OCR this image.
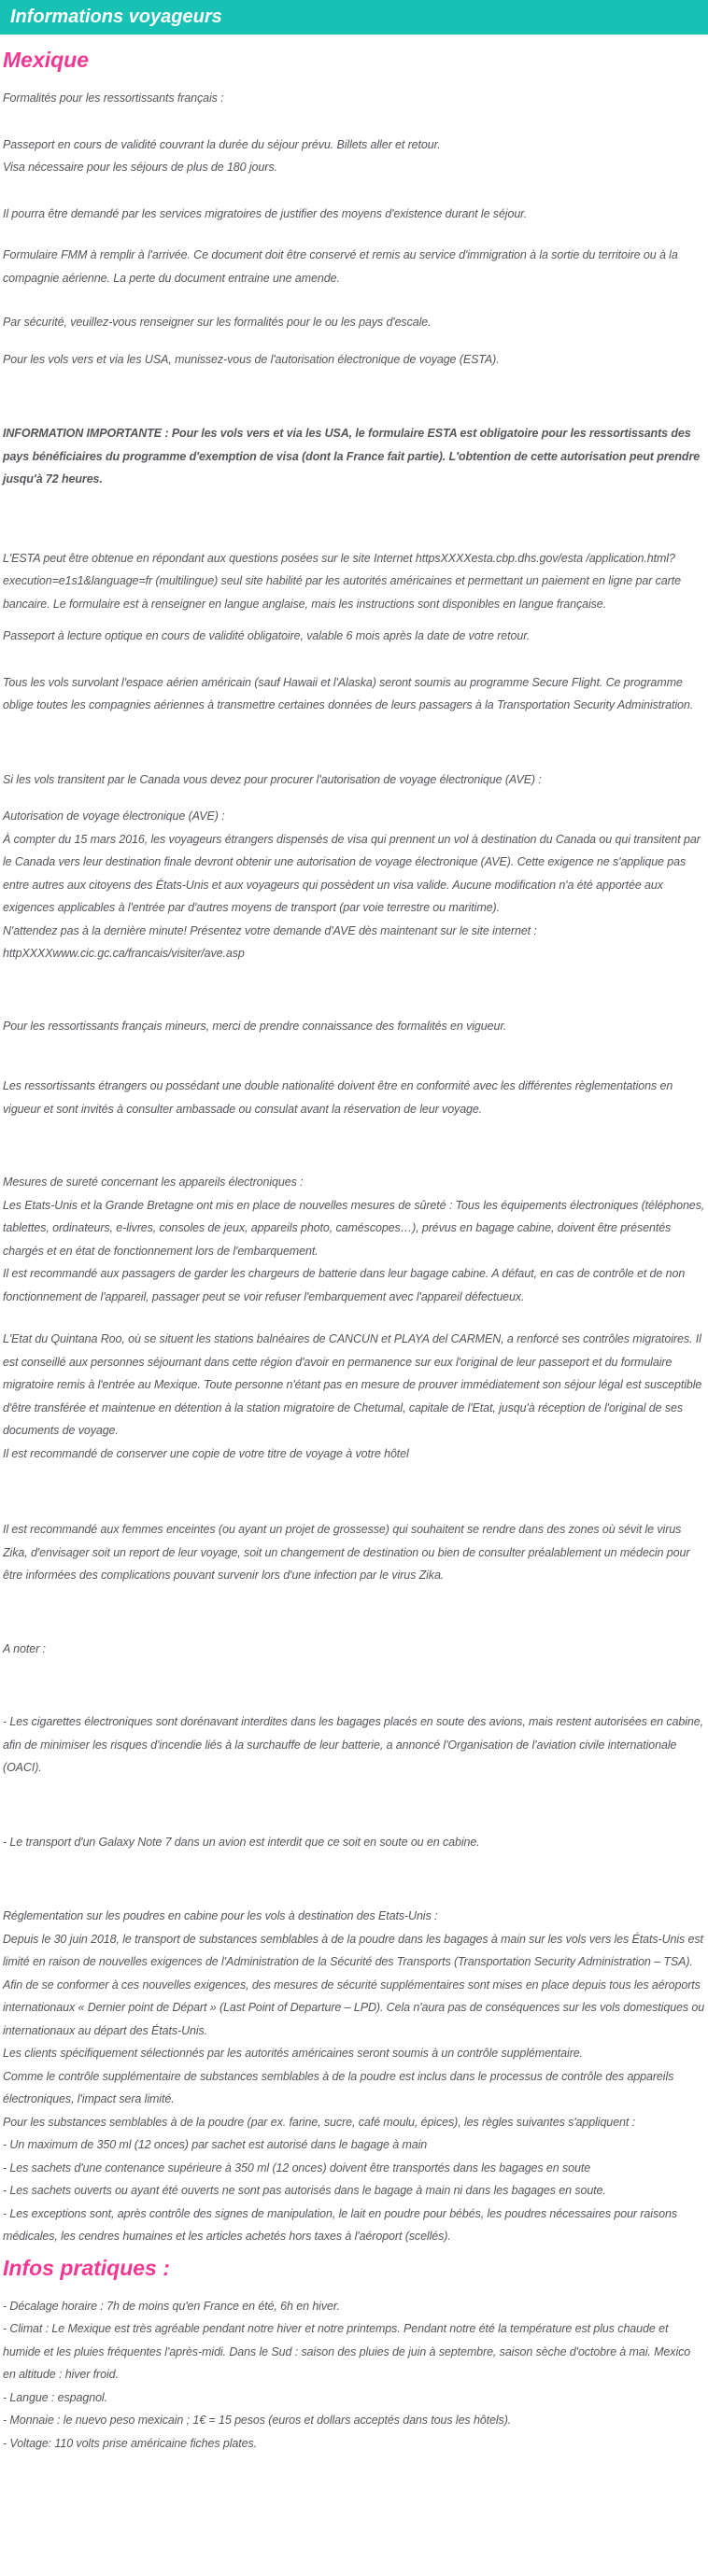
Informations voyageurs
Mexique

Formalités pour les ressortissants français :

Passeport en cours de validité couvrant la durée du séjour prévu. Billets aller et retour.

Visa nécessaire pour les séjours de plus de 180 jours.

Il pourra être demandé par les services migratoires de justifier des moyens d'existence durant le séjour.

Formulaire FMM à remplir à l'arrivée. Ce document doit être conservé et remis au service d'immigration à la sortie du territoire ou à la compagnie aérienne. La perte du document entraine une amende.

Par sécurité, veuillez-vous renseigner sur les formalités pour le ou les pays d'escale.

Pour les vols vers et via les USA, munissez-vous de l'autorisation électronique de voyage (ESTA).

INFORMATION IMPORTANTE : Pour les vols vers et via les USA, le formulaire ESTA est obligatoire pour les ressortissants des pays bénéficiaires du programme d'exemption de visa (dont la France fait partie). L'obtention de cette autorisation peut prendre jusqu'à 72 heures.

L'ESTA peut être obtenue en répondant aux questions posées sur le site Internet httpsXXXXesta.cbp.dhs.gov/esta /application.html?execution=e1s1&language=fr (multilingue) seul site habilité par les autorités américaines et permettant un paiement en ligne par carte bancaire. Le formulaire est à renseigner en langue anglaise, mais les instructions sont disponibles en langue française.

Passeport à lecture optique en cours de validité obligatoire, valable 6 mois après la date de votre retour.

Tous les vols survolant l'espace aérien américain (sauf Hawaii et l'Alaska) seront soumis au programme Secure Flight. Ce programme oblige toutes les compagnies aériennes à transmettre certaines données de leurs passagers à la Transportation Security Administration.

Si les vols transitent par le Canada vous devez pour procurer l'autorisation de voyage électronique (AVE) :

Autorisation de voyage électronique (AVE) :

À compter du 15 mars 2016, les voyageurs étrangers dispensés de visa qui prennent un vol à destination du Canada ou qui transitent par le Canada vers leur destination finale devront obtenir une autorisation de voyage électronique (AVE). Cette exigence ne s'applique pas entre autres aux citoyens des États-Unis et aux voyageurs qui possèdent un visa valide. Aucune modification n'a été apportée aux exigences applicables à l'entrée par d'autres moyens de transport (par voie terrestre ou maritime).

N'attendez pas à la dernière minute! Présentez votre demande d'AVE dès maintenant sur le site internet : httpXXXXwww.cic.gc.ca/francais/visiter/ave.asp

Pour les ressortissants français mineurs, merci de prendre connaissance des formalités en vigueur.

Les ressortissants étrangers ou possédant une double nationalité doivent être en conformité avec les différentes règlementations en vigueur et sont invités à consulter ambassade ou consulat avant la réservation de leur voyage.

Mesures de sureté concernant les appareils électroniques :

Les Etats-Unis et la Grande Bretagne ont mis en place de nouvelles mesures de sûreté : Tous les équipements électroniques (téléphones, tablettes, ordinateurs, e-livres, consoles de jeux, appareils photo, caméscopes…), prévus en bagage cabine, doivent être présentés chargés et en état de fonctionnement lors de l'embarquement.

Il est recommandé aux passagers de garder les chargeurs de batterie dans leur bagage cabine. A défaut, en cas de contrôle et de non fonctionnement de l'appareil, passager peut se voir refuser l'embarquement avec l'appareil défectueux.

L'Etat du Quintana Roo, où se situent les stations balnéaires de CANCUN et PLAYA del CARMEN, a renforcé ses contrôles migratoires. Il est conseillé aux personnes séjournant dans cette région d'avoir en permanence sur eux l'original de leur passeport et du formulaire migratoire remis à l'entrée au Mexique. Toute personne n'étant pas en mesure de prouver immédiatement son séjour légal est susceptible d'être transférée et maintenue en détention à la station migratoire de Chetumal, capitale de l'Etat, jusqu'à réception de l'original de ses documents de voyage.

Il est recommandé de conserver une copie de votre titre de voyage à votre hôtel

Il est recommandé aux femmes enceintes (ou ayant un projet de grossesse) qui souhaitent se rendre dans des zones où sévit le virus Zika, d'envisager soit un report de leur voyage, soit un changement de destination ou bien de consulter préalablement un médecin pour être informées des complications pouvant survenir lors d'une infection par le virus Zika.

A noter :

- Les cigarettes électroniques sont dorénavant interdites dans les bagages placés en soute des avions, mais restent autorisées en cabine, afin de minimiser les risques d'incendie liés à la surchauffe de leur batterie, a annoncé l'Organisation de l'aviation civile internationale (OACI).

- Le transport d'un Galaxy Note 7 dans un avion est interdit que ce soit en soute ou en cabine.

Réglementation sur les poudres en cabine pour les vols à destination des Etats-Unis :

Depuis le 30 juin 2018, le transport de substances semblables à de la poudre dans les bagages à main sur les vols vers les États-Unis est limité en raison de nouvelles exigences de l'Administration de la Sécurité des Transports (Transportation Security Administration – TSA).

Afin de se conformer à ces nouvelles exigences, des mesures de sécurité supplémentaires sont mises en place depuis tous les aéroports internationaux « Dernier point de Départ » (Last Point of Departure – LPD). Cela n'aura pas de conséquences sur les vols domestiques ou internationaux au départ des États-Unis.

Les clients spécifiquement sélectionnés par les autorités américaines seront soumis à un contrôle supplémentaire.

Comme le contrôle supplémentaire de substances semblables à de la poudre est inclus dans le processus de contrôle des appareils électroniques, l'impact sera limité.

Pour les substances semblables à de la poudre (par ex. farine, sucre, café moulu, épices), les règles suivantes s'appliquent :

- Un maximum de 350 ml (12 onces) par sachet est autorisé dans le bagage à main

- Les sachets d'une contenance supérieure à 350 ml (12 onces) doivent être transportés dans les bagages en soute

- Les sachets ouverts ou ayant été ouverts ne sont pas autorisés dans le bagage à main ni dans les bagages en soute.

- Les exceptions sont, après contrôle des signes de manipulation, le lait en poudre pour bébés, les poudres nécessaires pour raisons médicales, les cendres humaines et les articles achetés hors taxes à l'aéroport (scellés).

Infos pratiques :

- Décalage horaire : 7h de moins qu'en France en été, 6h en hiver.

- Climat : Le Mexique est très agréable pendant notre hiver et notre printemps. Pendant notre été la température est plus chaude et humide et les pluies fréquentes l'après-midi. Dans le Sud : saison des pluies de juin à septembre, saison sèche d'octobre à mai. Mexico en altitude : hiver froid.

- Langue : espagnol.

- Monnaie : le nuevo peso mexicain ; 1€ = 15 pesos (euros et dollars acceptés dans tous les hôtels).

- Voltage: 110 volts prise américaine fiches plates.
